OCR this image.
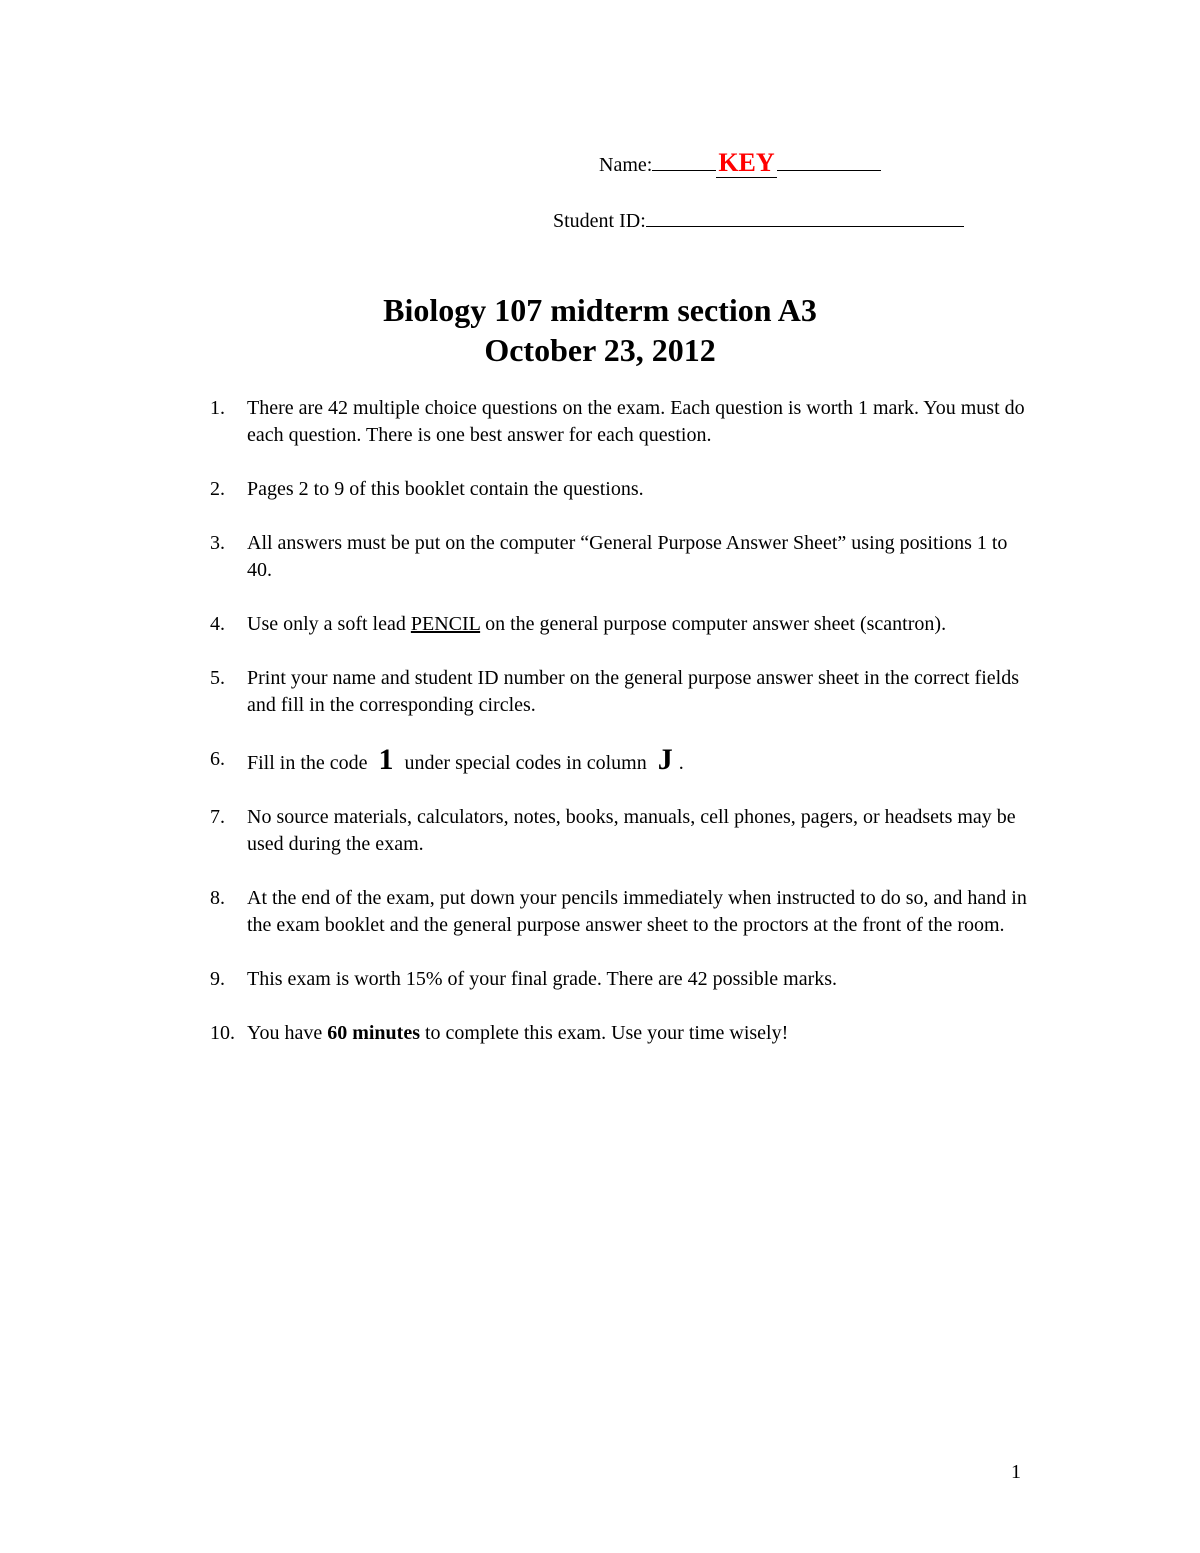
Name:	KEY
Student ID:
Biology 107 midterm section A3
October 23, 2012
1.	There are 42 multiple choice questions on the exam. Each question is worth 1 mark. You must do each question. There is one best answer for each question.
2.	Pages 2 to 9 of this booklet contain the questions.
3.	All answers must be put on the computer “General Purpose Answer Sheet” using positions 1 to 40.
4.	Use only a soft lead PENCIL on the general purpose computer answer sheet (scantron).
5.	Print your name and student ID number on the general purpose answer sheet in the correct fields and fill in the corresponding circles.
6.	Fill in the code 1 under special codes in column J .
7.	No source materials, calculators, notes, books, manuals, cell phones, pagers, or headsets may be used during the exam.
8.	At the end of the exam, put down your pencils immediately when instructed to do so, and hand in the exam booklet and the general purpose answer sheet to the proctors at the front of the room.
9.	This exam is worth 15% of your final grade. There are 42 possible marks.
10. You have 60 minutes to complete this exam. Use your time wisely!
1
